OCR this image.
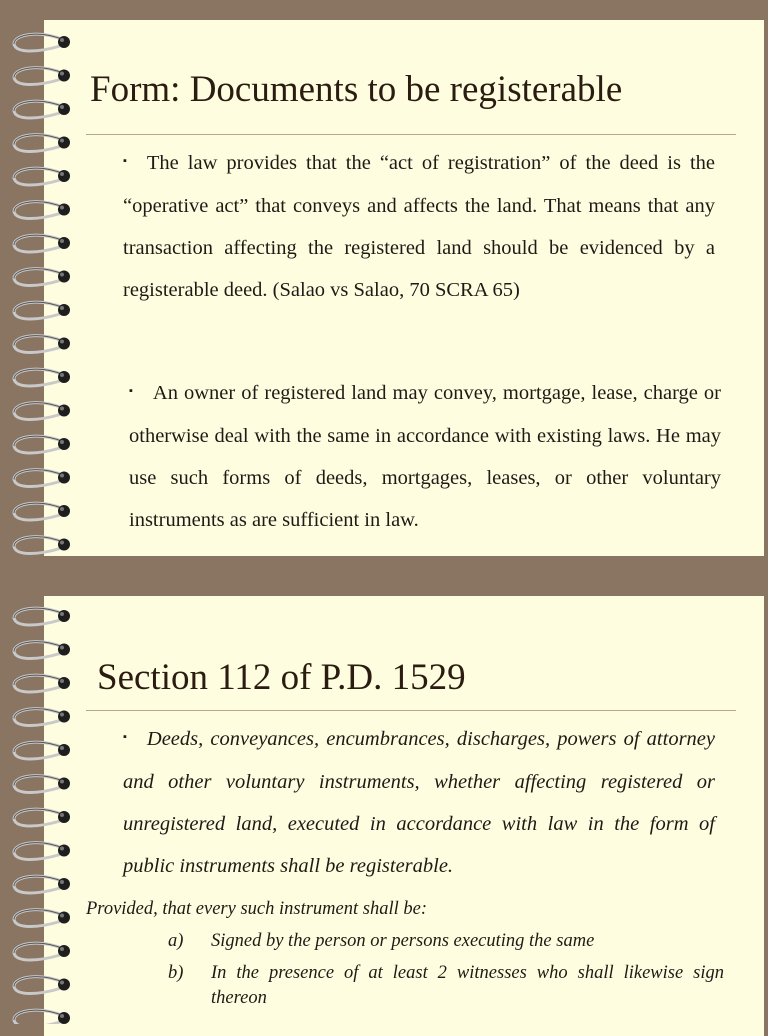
Form: Documents to be registerable
▪ The law provides that the “act of registration” of the deed is the “operative act” that conveys and affects the land. That means that any transaction affecting the registered land should be evidenced by a registerable deed. (Salao vs Salao, 70 SCRA 65)
▪ An owner of registered land may convey, mortgage, lease, charge or otherwise deal with the same in accordance with existing laws. He may use such forms of deeds, mortgages, leases, or other voluntary instruments as are sufficient in law.
Section 112 of P.D. 1529
▪ Deeds, conveyances, encumbrances, discharges, powers of attorney and other voluntary instruments, whether affecting registered or unregistered land, executed in accordance with law in the form of public instruments shall be registerable.
Provided, that every such instrument shall be:
a) Signed by the person or persons executing the same
b) In the presence of at least 2 witnesses who shall likewise sign thereon
